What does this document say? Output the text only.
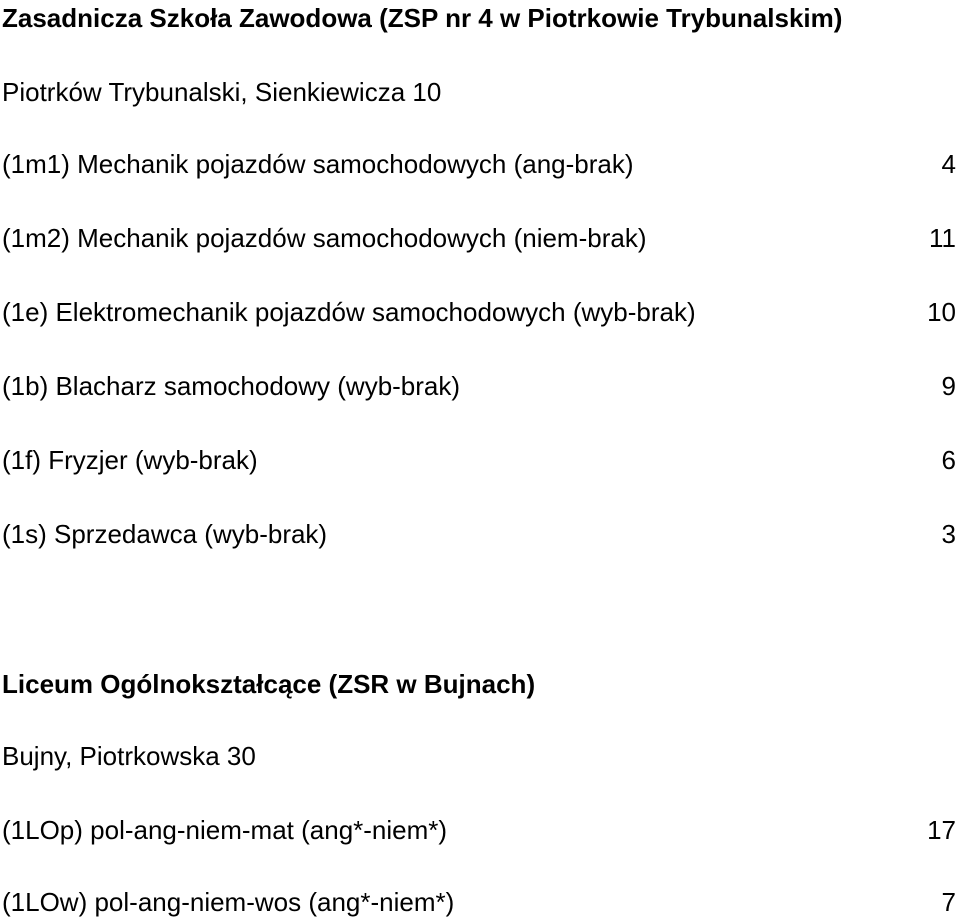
Zasadnicza Szkoła Zawodowa (ZSP nr 4 w Piotrkowie Trybunalskim)
Piotrków Trybunalski, Sienkiewicza 10
(1m1) Mechanik pojazdów samochodowych (ang-brak)	4
(1m2) Mechanik pojazdów samochodowych (niem-brak)	11
(1e) Elektromechanik pojazdów samochodowych (wyb-brak)	10
(1b) Blacharz samochodowy (wyb-brak)	9
(1f) Fryzjer (wyb-brak)	6
(1s) Sprzedawca (wyb-brak)	3
Liceum Ogólnokształcące (ZSR w Bujnach)
Bujny, Piotrkowska 30
(1LOp) pol-ang-niem-mat (ang*-niem*)	17
(1LOw) pol-ang-niem-wos (ang*-niem*)	7
